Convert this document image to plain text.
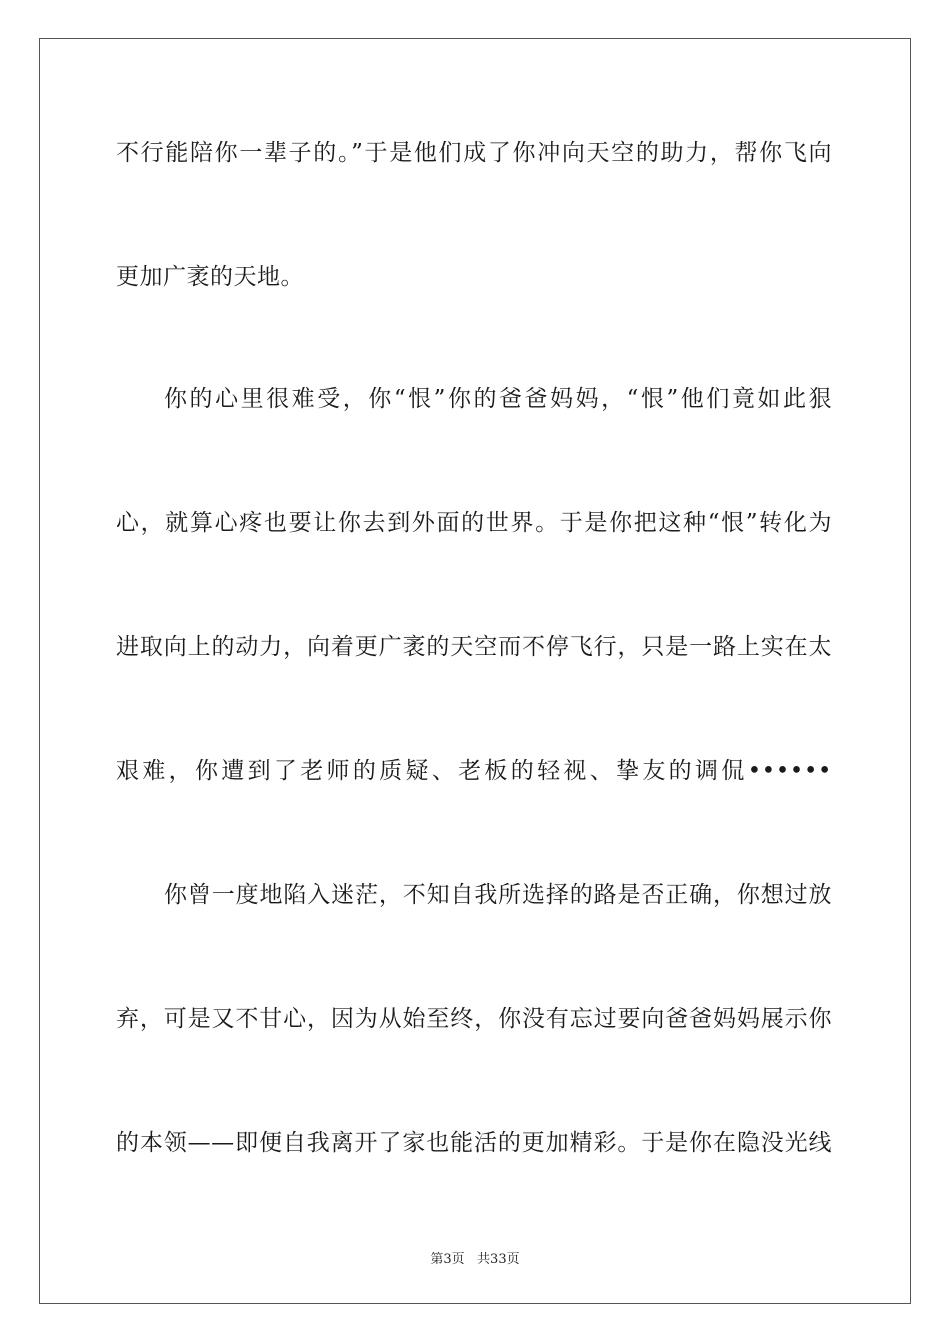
不行能陪你一辈子的。”于是他们成了你冲向天空的助力，帮你飞向
更加广袤的天地。
你的心里很难受，你“恨”你的爸爸妈妈，“恨”他们竟如此狠
心，就算心疼也要让你去到外面的世界。于是你把这种“恨”转化为
进取向上的动力，向着更广袤的天空而不停飞行，只是一路上实在太
艰难，你遭到了老师的质疑、老板的轻视、挚友的调侃••••••
你曾一度地陷入迷茫，不知自我所选择的路是否正确，你想过放
弃，可是又不甘心，因为从始至终，你没有忘过要向爸爸妈妈展示你
的本领——即便自我离开了家也能活的更加精彩。于是你在隐没光线
第3页   共33页
